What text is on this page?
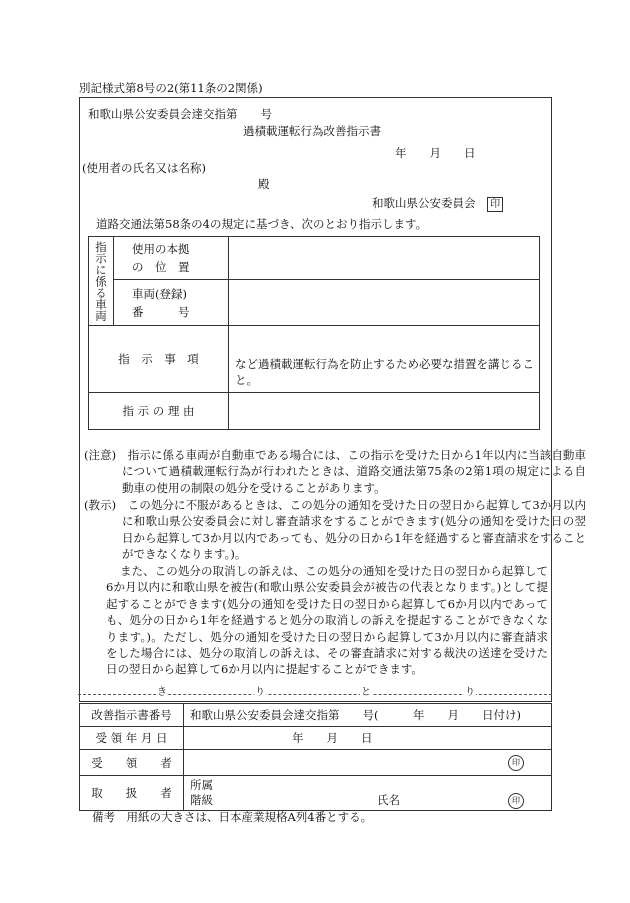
別記様式第8号の2(第11条の2関係)
和歌山県公安委員会達交指第　　号
過積載運転行為改善指示書
年　　月　　日
(使用者の氏名又は名称)
殿
和歌山県公安委員会 印
道路交通法第58条の4の規定に基づき、次のとおり指示します。
指示に係る車両	使用の本拠
の　位　置	

	車両(登録)
番　　　号	

指　示　事　項		など過積載運転行為を防止するため必要な措置を講じること。
指 示 の 理 由		
(注意)　指示に係る車両が自動車である場合には、この指示を受けた日から1年以内に当該自動車について過積載運転行為が行われたときは、道路交通法第75条の2第1項の規定による自動車の使用の制限の処分を受けることがあります。
(教示)　この処分に不服があるときは、この処分の通知を受けた日の翌日から起算して3か月以内に和歌山県公安委員会に対し審査請求をすることができます(処分の通知を受けた日の翌日から起算して3か月以内であっても、処分の日から1年を経過すると審査請求をすることができなくなります。)。
また、この処分の取消しの訴えは、この処分の通知を受けた日の翌日から起算して6か月以内に和歌山県を被告(和歌山県公安委員会が被告の代表となります。)として提起することができます(処分の通知を受けた日の翌日から起算して6か月以内であっても、処分の日から1年を経過すると処分の取消しの訴えを提起することができなくなります。)。ただし、処分の通知を受けた日の翌日から起算して3か月以内に審査請求をした場合には、処分の取消しの訴えは、その審査請求に対する裁決の送達を受けた日の翌日から起算して6か月以内に提起することができます。
き	り	と	り
改善指示書番号	和歌山県公安委員会達交指第　　号(　　　年　　月　　日付け)
受 領 年 月 日	年　　月　　日
受　　領　　者	印

取　　扱　　者	所属
階級 氏名 印
備考　用紙の大きさは、日本産業規格A列4番とする。
